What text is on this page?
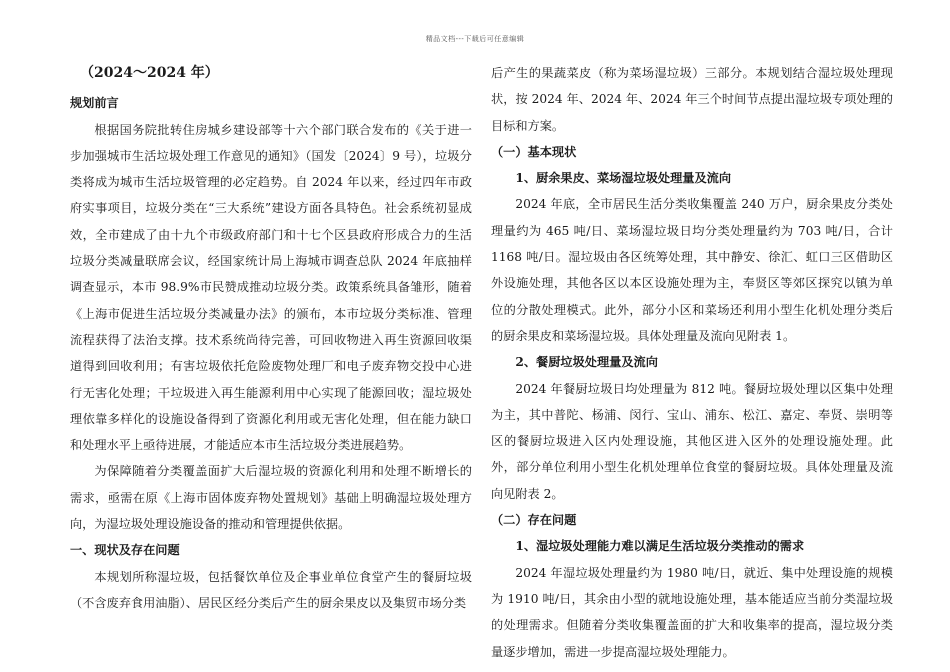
精品文档---下载后可任意编辑

（2024～2024 年）

规划前言

根据国务院批转住房城乡建设部等十六个部门联合发布的《关于进一步加强城市生活垃圾处理工作意见的通知》（国发〔2024〕9 号），垃圾分类将成为城市生活垃圾管理的必定趋势。自 2024 年以来，经过四年市政府实事项目，垃圾分类在“三大系统”建设方面各具特色。社会系统初显成效，全市建成了由十九个市级政府部门和十七个区县政府形成合力的生活垃圾分类减量联席会议，经国家统计局上海城市调查总队 2024 年底抽样调查显示，本市 98.9%市民赞成推动垃圾分类。政策系统具备雏形，随着《上海市促进生活垃圾分类减量办法》的颁布，本市垃圾分类标准、管理流程获得了法治支撑。技术系统尚待完善，可回收物进入再生资源回收渠道得到回收利用；有害垃圾依托危险废物处理厂和电子废弃物交投中心进行无害化处理；干垃圾进入再生能源利用中心实现了能源回收；湿垃圾处理依靠多样化的设施设备得到了资源化利用或无害化处理，但在能力缺口和处理水平上亟待进展，才能适应本市生活垃圾分类进展趋势。

为保障随着分类覆盖面扩大后湿垃圾的资源化利用和处理不断增长的需求，亟需在原《上海市固体废弃物处置规划》基础上明确湿垃圾处理方向，为湿垃圾处理设施设备的推动和管理提供依据。

一、现状及存在问题

本规划所称湿垃圾，包括餐饮单位及企事业单位食堂产生的餐厨垃圾（不含废弃食用油脂）、居民区经分类后产生的厨余果皮以及集贸市场分类

后产生的果蔬菜皮（称为菜场湿垃圾）三部分。本规划结合湿垃圾处理现状，按 2024 年、2024 年、2024 年三个时间节点提出湿垃圾专项处理的目标和方案。

（一）基本现状

1、厨余果皮、菜场湿垃圾处理量及流向

2024 年底，全市居民生活分类收集覆盖 240 万户，厨余果皮分类处理量约为 465 吨/日、菜场湿垃圾日均分类处理量约为 703 吨/日，合计 1168 吨/日。湿垃圾由各区统筹处理，其中静安、徐汇、虹口三区借助区外设施处理，其他各区以本区设施处理为主，奉贤区等郊区探究以镇为单位的分散处理模式。此外，部分小区和菜场还利用小型生化机处理分类后的厨余果皮和菜场湿垃圾。具体处理量及流向见附表 1。

2、餐厨垃圾处理量及流向

2024 年餐厨垃圾日均处理量为 812 吨。餐厨垃圾处理以区集中处理为主，其中普陀、杨浦、闵行、宝山、浦东、松江、嘉定、奉贤、崇明等区的餐厨垃圾进入区内处理设施，其他区进入区外的处理设施处理。此外，部分单位利用小型生化机处理单位食堂的餐厨垃圾。具体处理量及流向见附表 2。

（二）存在问题

1、湿垃圾处理能力难以满足生活垃圾分类推动的需求

2024 年湿垃圾处理量约为 1980 吨/日，就近、集中处理设施的规模为 1910 吨/日，其余由小型的就地设施处理，基本能适应当前分类湿垃圾的处理需求。但随着分类收集覆盖面的扩大和收集率的提高，湿垃圾分类量逐步增加，需进一步提高湿垃圾处理能力。
